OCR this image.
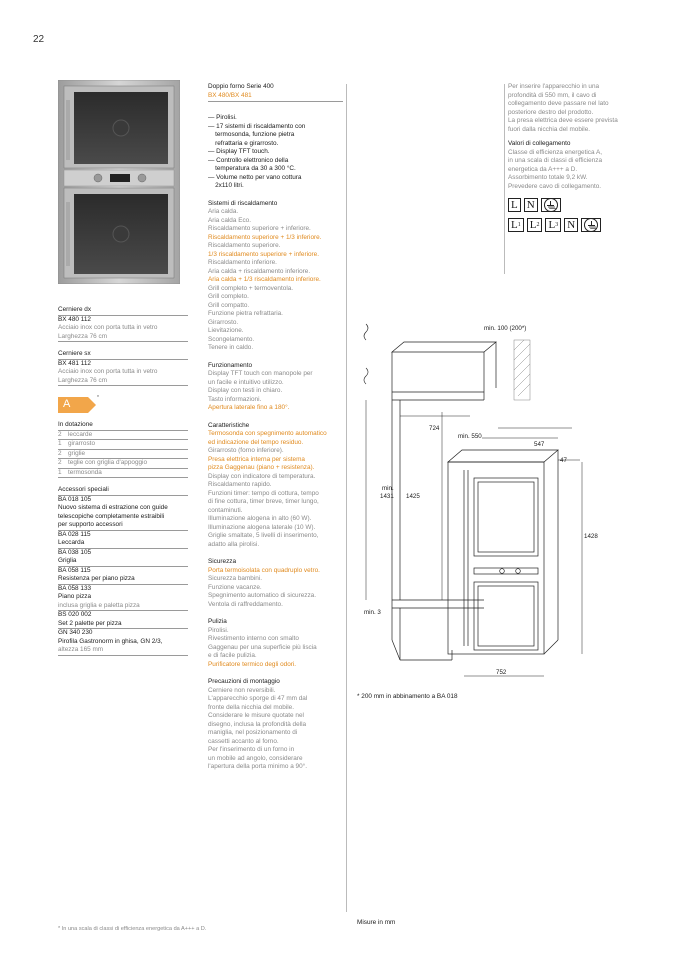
22
Cerniere dx
BX 480 112
Acciaio inox con porta tutta in vetro
Larghezza 76 cm
Cerniere sx
BX 481 112
Acciaio inox con porta tutta in vetro
Larghezza 76 cm
A	*
In dotazione
2 leccarde
1 girarrosto
2 griglie
2 teglie con griglia d'appoggio
1 termosonda
Accessori speciali
BA 018 105
Nuovo sistema di estrazione con guide
telescopiche completamente estraibili
per supporto accessori
BA 028 115
Leccarda
BA 038 105
Griglia
BA 058 115
Resistenza per piano pizza
BA 058 133
Piano pizza
inclusa griglia e paletta pizza
BS 020 002
Set 2 palette per pizza
GN 340 230
Pirofila Gastronorm in ghisa, GN 2/3,
altezza 165 mm
* In una scala di classi di efficienza energetica da A+++ a D.
Doppio forno Serie 400
BX 480/BX 481
— Pirolisi.
— 17 sistemi di riscaldamento con
termosonda, funzione pietra
refrattaria e girarrosto.
— Display TFT touch.
— Controllo elettronico della
temperatura da 30 a 300 °C.
— Volume netto per vano cottura
2x110 litri.
Sistemi di riscaldamento
Aria calda.
Aria calda Eco.
Riscaldamento superiore + inferiore.
Riscaldamento superiore + 1/3 inferiore.
Riscaldamento superiore.
1/3 riscaldamento superiore + inferiore.
Riscaldamento inferiore.
Aria calda + riscaldamento inferiore.
Aria calda + 1/3 riscaldamento inferiore.
Grill completo + termoventola.
Grill completo.
Grill compatto.
Funzione pietra refrattaria.
Girarrosto.
Lievitazione.
Scongelamento.
Tenere in caldo.
Funzionamento
Display TFT touch con manopole per
un facile e intuitivo utilizzo.
Display con testi in chiaro.
Tasto informazioni.
Apertura laterale fino a 180°.
Caratteristiche
Termosonda con spegnimento automatico
ed indicazione del tempo residuo.
Girarrosto (forno inferiore).
Presa elettrica interna per sistema
pizza Gaggenau (piano + resistenza).
Display con indicatore di temperatura.
Riscaldamento rapido.
Funzioni timer: tempo di cottura, tempo
di fine cottura, timer breve, timer lungo,
contaminuti.
Illuminazione alogena in alto (60 W).
Illuminazione alogena laterale (10 W).
Griglie smaltate, 5 livelli di inserimento,
adatto alla pirolisi.
Sicurezza
Porta termoisolata con quadruplo vetro.
Sicurezza bambini.
Funzione vacanze.
Spegnimento automatico di sicurezza.
Ventola di raffreddamento.
Pulizia
Pirolisi.
Rivestimento interno con smalto
Gaggenau per una superficie più liscia
e di facile pulizia.
Purificatore termico degli odori.
Precauzioni di montaggio
Cerniere non reversibili.
L'apparecchio sporge di 47 mm dal
fronte della nicchia del mobile.
Considerare le misure quotate nel
disegno, inclusa la profondità della
maniglia, nel posizionamento di
cassetti accanto al forno.
Per l'inserimento di un forno in
un mobile ad angolo, considerare
l'apertura della porta minimo a 90°.
Per inserire l'apparecchio in una
profondità di 550 mm, il cavo di
collegamento deve passare nel lato
posteriore destro del prodotto.
La presa elettrica deve essere prevista
fuori dalla nicchia del mobile.
Valori di collegamento
Classe di efficienza energetica A,
in una scala di classi di efficienza
energetica da A+++ a D.
Assorbimento totale 9,2 kW.
Prevedere cavo di collegamento.
L N
L 1 L 2 L 3 N
min. 100 (200*)
724
min. 550
547
47
min.
1431 1425
1428
min. 3
752
* 200 mm in abbinamento a BA 018
Misure in mm
